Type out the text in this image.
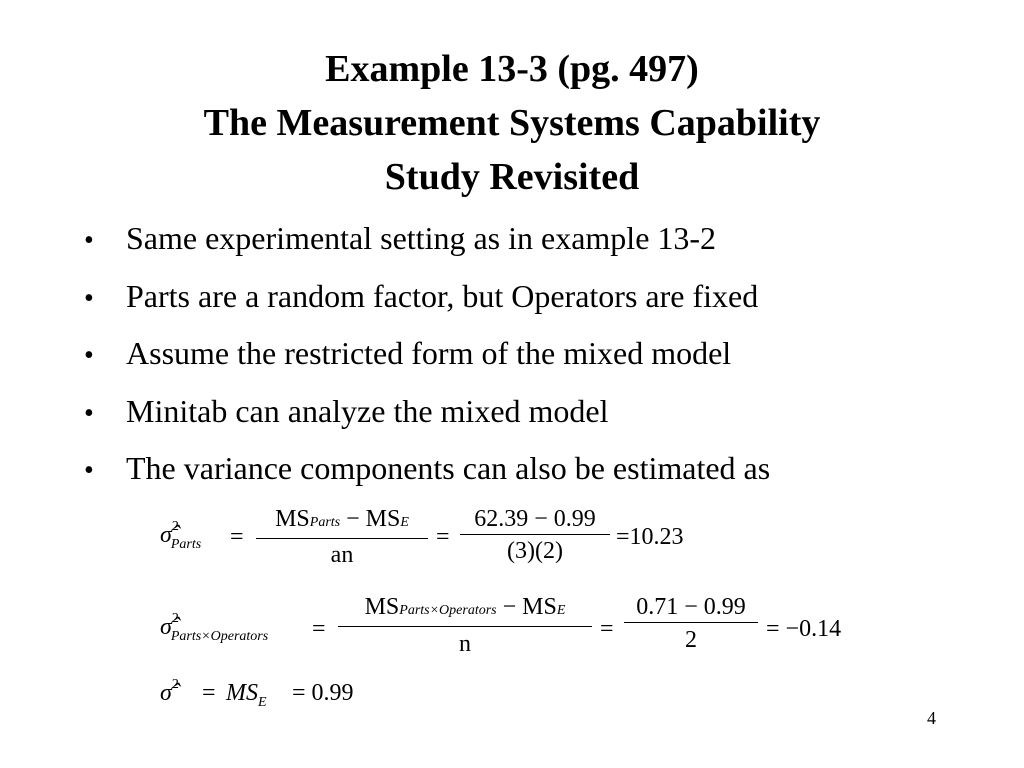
Example 13-3 (pg. 497)
The Measurement Systems Capability
Study Revisited
•	Same experimental setting as in example 13-2
•	Parts are a random factor, but Operators are fixed
•	Assume the restricted form of the mixed model
•	Minitab can analyze the mixed model
•	The variance components can also be estimated as
σ̂$^2_{Parts}$	=
MSParts − MSE
an
=
62.39 − 0.99
(3)(2)
=10.23
σ̂$^2_{Parts\times Operators}$	=
MSParts×Operators − MSE
n
=
0.71 − 0.99
2	= −0.14
σ̂$^2$ = $MS_E = 0.99$
4
